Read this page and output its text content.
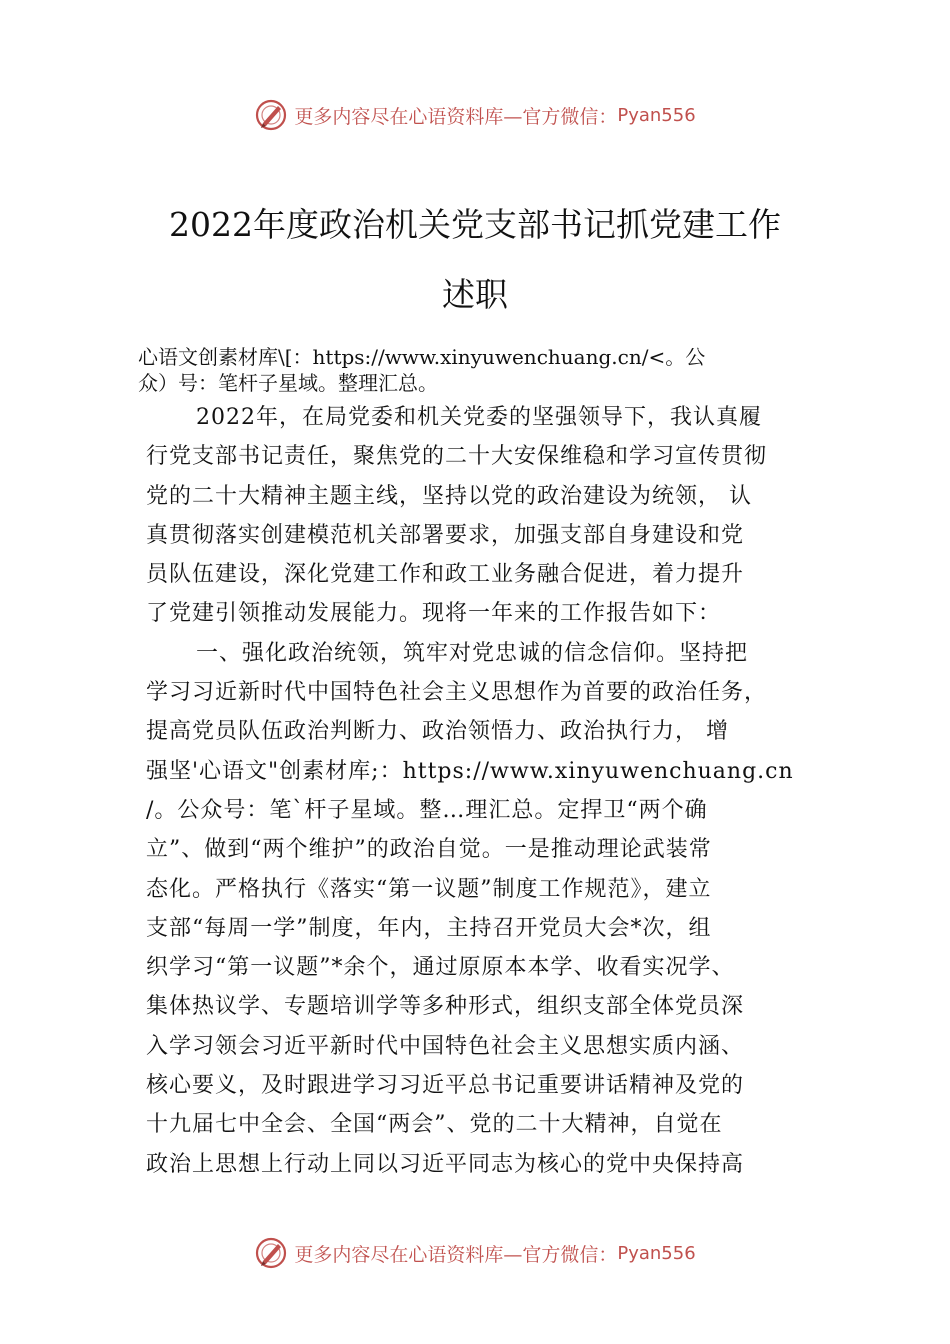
更多内容尽在心语资料库—官方微信： Pyan556
2022年度政治机关党支部书记抓党建工作
述职
心语文创素材库\[：https://www.xinyuwenchuang.cn/<。公
众）号：笔杆子星域。整理汇总。
2022年，在局党委和机关党委的坚强领导下，我认真履
行党支部书记责任，聚焦党的二十大安保维稳和学习宣传贯彻
党的二十大精神主题主线，坚持以党的政治建设为统领， 认
真贯彻落实创建模范机关部署要求，加强支部自身建设和党
员队伍建设，深化党建工作和政工业务融合促进，着力提升
了党建引领推动发展能力。现将一年来的工作报告如下：
一、强化政治统领，筑牢对党忠诚的信念信仰。坚持把
学习习近新时代中国特色社会主义思想作为首要的政治任务，
提高党员队伍政治判断力、政治领悟力、政治执行力， 增
强坚'心语文"创素材库;：https://www.xinyuwenchuang.cn
/。公众号：笔`杆子星域。整…理汇总。定捍卫“两个确
立”、做到“两个维护”的政治自觉。一是推动理论武装常
态化。严格执行《落实“第一议题”制度工作规范》，建立
支部“每周一学”制度，年内，主持召开党员大会*次，组
织学习“第一议题”*余个，通过原原本本学、收看实况学、
集体热议学、专题培训学等多种形式，组织支部全体党员深
入学习领会习近平新时代中国特色社会主义思想实质内涵、
核心要义，及时跟进学习习近平总书记重要讲话精神及党的
十九届七中全会、全国“两会”、党的二十大精神，自觉在
政治上思想上行动上同以习近平同志为核心的党中央保持高
更多内容尽在心语资料库—官方微信： Pyan556
